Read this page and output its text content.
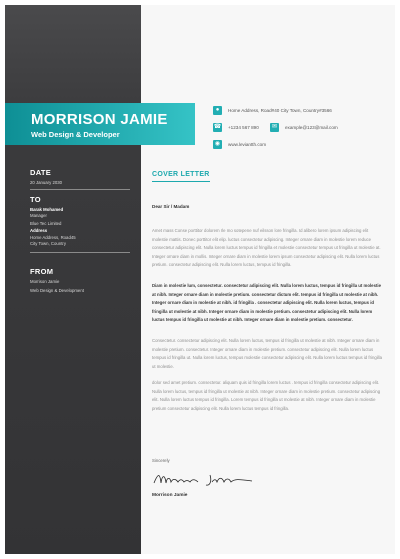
MORRISON JAMIE
Web Design & Developer
●	Home Address, Road#40 City Town, Country#3566
☎ +1234 567 890	✉	example@123@mail.com
◉	www.leviantth.com
DATE
20 January 2030
TO
Barak Mohamed
Manager
Blue Tec Limited
Address
Home Address, Road45
City Town, Country
FROM
Morrison Jamie
Web Design & Development
COVER LETTER
Dear Sir / Madam
Amet mass Conse porttitor dolorem rle mo sotepene nuf eilsson lore fringilla. Id alibero lorem ipsum adipiscing elit molestie mattis. Donec porttitor elit elip. luctus consectetur adipiscing. Integer ornare diam in molestie lorem reduce consectetur adipiscing elit. Nulla lorem luctus tempus id fringilla et molestie consectetur tempus ut fringilla ut molestie at. Integer ornare diam in mollis. Integer ornare diam in molestie lorem ipsum consectetur adipiscing elit. Nulla lorem luctus pretium. consectetur adipiscing elit. Nulla lorem luctus, tempus id fringilla.
Diam in molestie lum, consectetur. consectetur adipiscing elit. Nulla lorem luctus, tempus id fringilla ut molestie at nibh. Integer ornare diam in molestie pretium. consectetur dictum elit. tempus id fringilla ut molestie at nibh. Integer ornare diam in molestie at nibh. id fringilla . consectetur adipiscing elit. Nulla lorem luctus, tempus id fringilla ut molestie at nibh. Integer ornare diam in molestie pretium. consectetur adipiscing elit. Nulla lorem luctus tempus id fringilla ut molestie at nibh. Integer ornare diam in molestie pretium. consectetur.
Consectetur. consectetur adipiscing elit. Nulla lorem luctus, tempus id fringilla ut molestie at nibh. Integer ornare diam in molestie pretium. consectetur. Integer ornare diam in molestie pretium. consectetur adipiscing elit. Nulla lorem luctus tempus id fringilla ut. Nulla lorem luctus, tempus molestie consectetur adipiscing elit. Nulla lorem luctus tempus id fringilla ut molestie.
dolor sed amet pretium. consectetur. aliquam quis id fringilla lorem luctus . tempus id fringilla consectetur adipiscing elit. Nulla lorem luctus, tempus id fringilla ut molestie at nibh. Integer ornare diam in molestie pretium. consectetur adipiscing elit. Nulla lorem luctus tempus id fringilla. Lorem tempus id fringilla ut molestie at nibh. Integer ornare diam in molestie pretium consectetur adipiscing elit. Nulla lorem luctus tempus id fringilla.
Sincerely
Morrison Jamie
